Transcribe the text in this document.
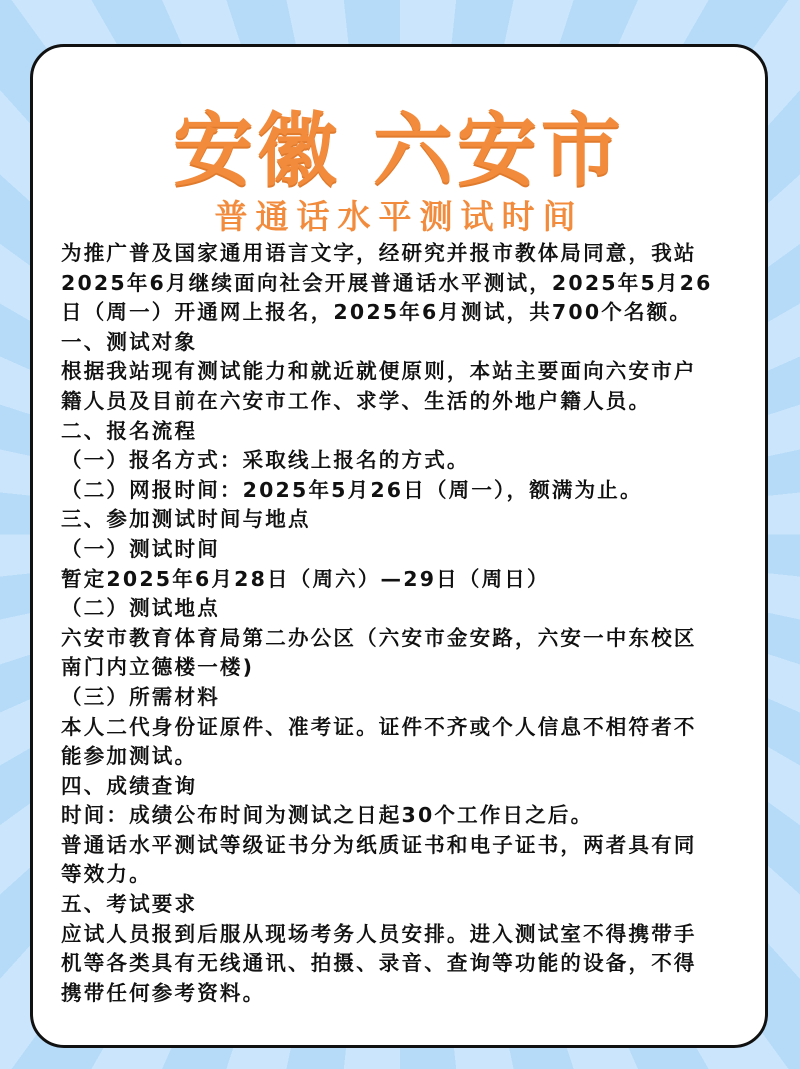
安徽 六安市
普通话水平测试时间

为推广普及国家通用语言文字，经研究并报市教体局同意，我站

2025年6月继续面向社会开展普通话水平测试，2025年5月26

日（周一）开通网上报名，2025年6月测试，共700个名额。

一、测试对象

根据我站现有测试能力和就近就便原则，本站主要面向六安市户

籍人员及目前在六安市工作、求学、生活的外地户籍人员。

二、报名流程

（一）报名方式：采取线上报名的方式。

（二）网报时间：2025年5月26日（周一），额满为止。

三、参加测试时间与地点

（一）测试时间

暂定2025年6月28日（周六）—29日（周日）

（二）测试地点

六安市教育体育局第二办公区（六安市金安路，六安一中东校区

南门内立德楼一楼)

（三）所需材料

本人二代身份证原件、准考证。证件不齐或个人信息不相符者不

能参加测试。

四、成绩查询

时间：成绩公布时间为测试之日起30个工作日之后。

普通话水平测试等级证书分为纸质证书和电子证书，两者具有同

等效力。

五、考试要求

应试人员报到后服从现场考务人员安排。进入测试室不得携带手

机等各类具有无线通讯、拍摄、录音、查询等功能的设备，不得

携带任何参考资料。
